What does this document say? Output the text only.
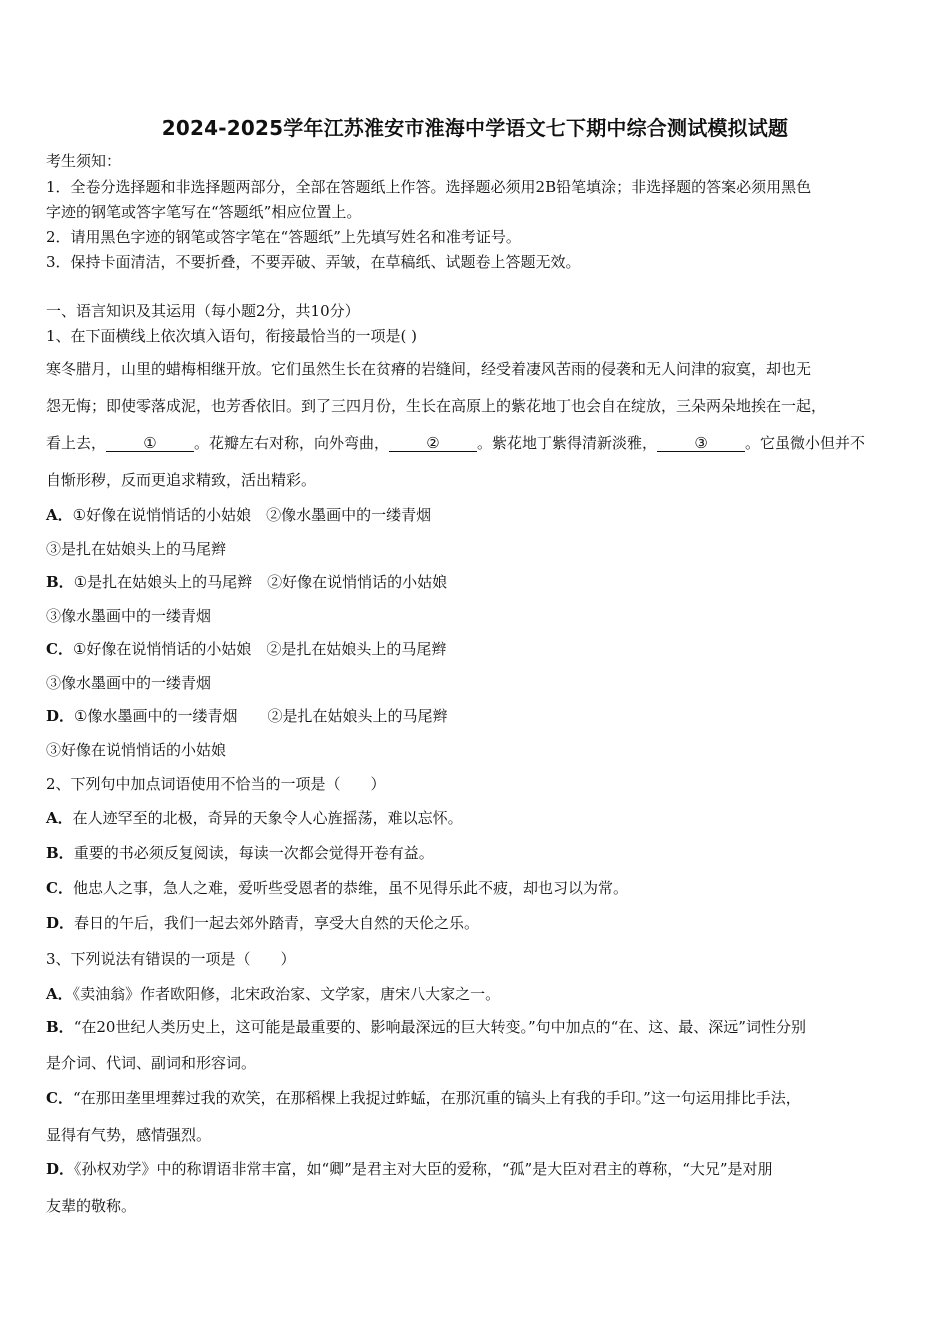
2024-2025学年江苏淮安市淮海中学语文七下期中综合测试模拟试题
考生须知：
1．全卷分选择题和非选择题两部分，全部在答题纸上作答。选择题必须用2B铅笔填涂；非选择题的答案必须用黑色
字迹的钢笔或答字笔写在“答题纸”相应位置上。
2．请用黑色字迹的钢笔或答字笔在“答题纸”上先填写姓名和准考证号。
3．保持卡面清洁，不要折叠，不要弄破、弄皱，在草稿纸、试题卷上答题无效。
一、语言知识及其运用（每小题2分，共10分）
1、在下面横线上依次填入语句，衔接最恰当的一项是( )
寒冬腊月，山里的蜡梅相继开放。它们虽然生长在贫瘠的岩缝间，经受着凄风苦雨的侵袭和无人问津的寂寞，却也无
怨无悔；即使零落成泥，也芳香依旧。到了三四月份，生长在高原上的紫花地丁也会自在绽放，三朵两朵地挨在一起，
看上去， ① 。花瓣左右对称，向外弯曲， ② 。紫花地丁紫得清新淡雅， ③ 。它虽微小但并不
自惭形秽，反而更追求精致，活出精彩。
A．①好像在说悄悄话的小姑娘　②像水墨画中的一缕青烟
③是扎在姑娘头上的马尾辫
B．①是扎在姑娘头上的马尾辫　②好像在说悄悄话的小姑娘
③像水墨画中的一缕青烟
C．①好像在说悄悄话的小姑娘　②是扎在姑娘头上的马尾辫
③像水墨画中的一缕青烟
D．①像水墨画中的一缕青烟　　②是扎在姑娘头上的马尾辫
③好像在说悄悄话的小姑娘
2、下列句中加点词语使用不恰当的一项是（　　）
A．在人迹罕至的北极，奇异的天象令人心旌摇荡，难以忘怀。
B．重要的书必须反复阅读，每读一次都会觉得开卷有益。
C．他忠人之事，急人之难，爱听些受恩者的恭维，虽不见得乐此不疲，却也习以为常。
D．春日的午后，我们一起去郊外踏青，享受大自然的天伦之乐。
3、下列说法有错误的一项是（　　）
A．《卖油翁》作者欧阳修，北宋政治家、文学家，唐宋八大家之一。
B．“在20世纪人类历史上，这可能是最重要的、影响最深远的巨大转变。”句中加点的“在、这、最、深远”词性分别
是介词、代词、副词和形容词。
C．“在那田垄里埋葬过我的欢笑，在那稻棵上我捉过蚱蜢，在那沉重的镐头上有我的手印。”这一句运用排比手法，
显得有气势，感情强烈。
D．《孙权劝学》中的称谓语非常丰富，如“卿”是君主对大臣的爱称，“孤”是大臣对君主的尊称，“大兄”是对朋
友辈的敬称。
